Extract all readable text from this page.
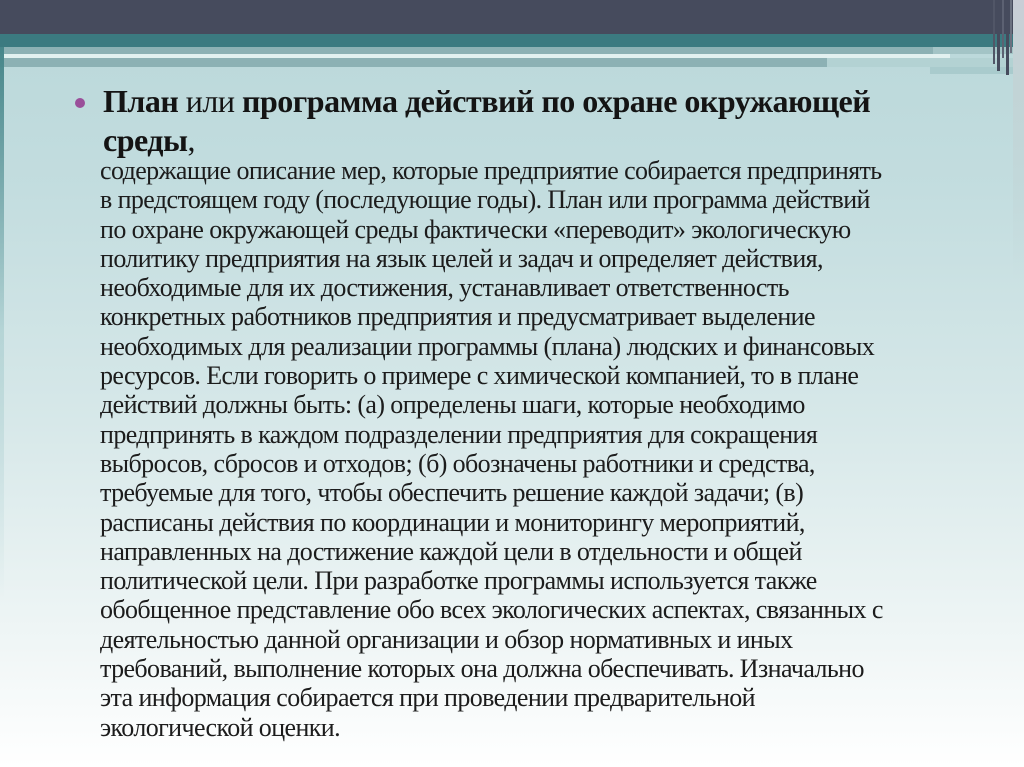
План или программа действий по охране окружающей среды,
содержащие описание мер, которые предприятие собирается предпринять
в предстоящем году (последующие годы). План или программа действий
по охране окружающей среды фактически «переводит» экологическую
политику предприятия на язык целей и задач и определяет действия,
необходимые для их достижения, устанавливает ответственность
конкретных работников предприятия и предусматривает выделение
необходимых для реализации программы (плана) людских и финансовых
ресурсов. Если говорить о примере с химической компанией, то в плане
действий должны быть: (а) определены шаги, которые необходимо
предпринять в каждом подразделении предприятия для сокращения
выбросов, сбросов и отходов; (б) обозначены работники и средства,
требуемые для того, чтобы обеспечить решение каждой задачи; (в)
расписаны действия по координации и мониторингу мероприятий,
направленных на достижение каждой цели в отдельности и общей
политической цели. При разработке программы используется также
обобщенное представление обо всех экологических аспектах, связанных с
деятельностью данной организации и обзор нормативных и иных
требований, выполнение которых она должна обеспечивать. Изначально
эта информация собирается при проведении предварительной
экологической оценки.
